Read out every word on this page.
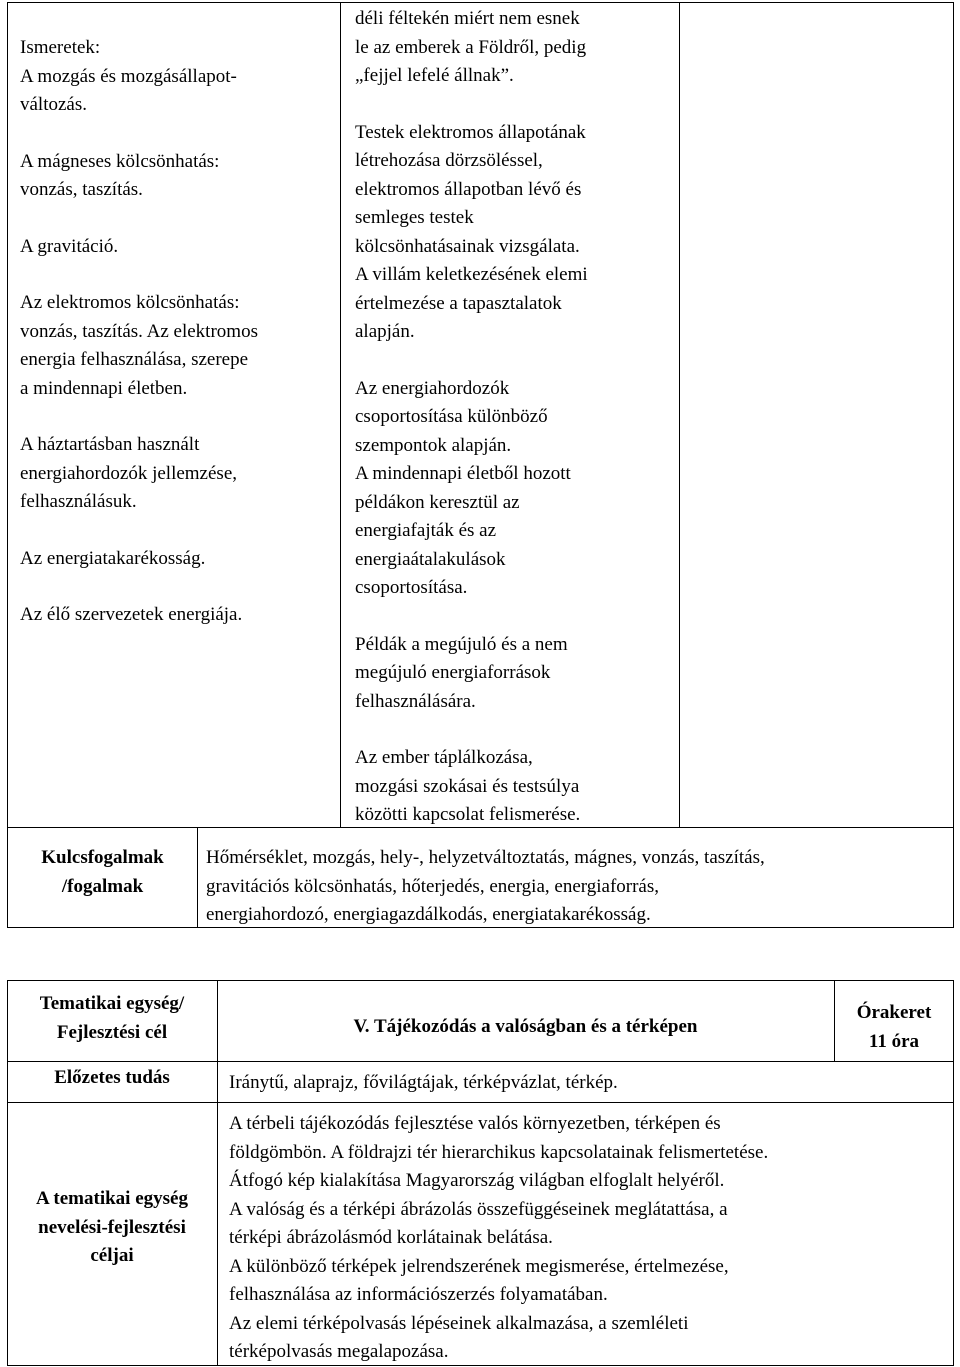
Ismeretek:
A mozgás és mozgásállapot-
változás.
A mágneses kölcsönhatás:
vonzás, taszítás.
A gravitáció.
Az elektromos kölcsönhatás:
vonzás, taszítás. Az elektromos
energia felhasználása, szerepe
a mindennapi életben.
A háztartásban használt
energiahordozók jellemzése,
felhasználásuk.
Az energiatakarékosság.
Az élő szervezetek energiája.
déli féltekén miért nem esnek
le az emberek a Földről, pedig
„fejjel lefelé állnak”.
Testek elektromos állapotának
létrehozása dörzsöléssel,
elektromos állapotban lévő és
semleges testek
kölcsönhatásainak vizsgálata.
A villám keletkezésének elemi
értelmezése a tapasztalatok
alapján.
Az energiahordozók
csoportosítása különböző
szempontok alapján.
A mindennapi életből hozott
példákon keresztül az
energiafajták és az
energiaátalakulások
csoportosítása.
Példák a megújuló és a nem
megújuló energiaforrások
felhasználására.
Az ember táplálkozása,
mozgási szokásai és testsúlya
közötti kapcsolat felismerése.
Kulcsfogalmak
/fogalmak
Hőmérséklet, mozgás, hely-, helyzetváltoztatás, mágnes, vonzás, taszítás,
gravitációs kölcsönhatás, hőterjedés, energia, energiaforrás,
energiahordozó, energiagazdálkodás, energiatakarékosság.
Tematikai egység/
Fejlesztési cél	V. Tájékozódás a valóságban és a térképen
Órakeret
11 óra
Előzetes tudás	Iránytű, alaprajz, fővilágtájak, térképvázlat, térkép.
A tematikai egység
nevelési-fejlesztési
céljai
A térbeli tájékozódás fejlesztése valós környezetben, térképen és
földgömbön. A földrajzi tér hierarchikus kapcsolatainak felismertetése.
Átfogó kép kialakítása Magyarország világban elfoglalt helyéről.
A valóság és a térképi ábrázolás összefüggéseinek meglátattása, a
térképi ábrázolásmód korlátainak belátása.
A különböző térképek jelrendszerének megismerése, értelmezése,
felhasználása az információszerzés folyamatában.
Az elemi térképolvasás lépéseinek alkalmazása, a szemléleti
térképolvasás megalapozása.
